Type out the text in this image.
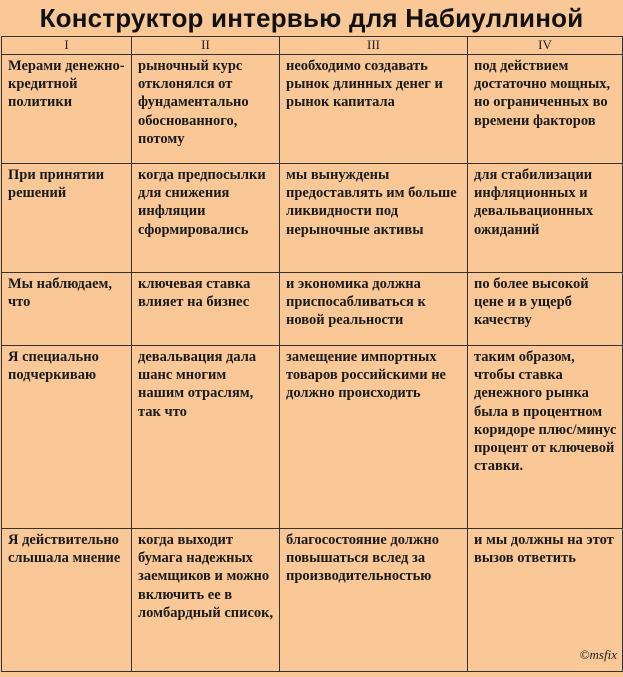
Конструктор интервью для Набиуллиной
I	II	III	IV
Мерами денежно-кредитной политики	рыночный курс отклонялся от фундаментально обоснованного, потому	необходимо создавать рынок длинных денег и рынок капитала	под действием достаточно мощных, но ограниченных во времени факторов
При принятии решений	когда предпосылки для снижения инфляции сформировались	мы вынуждены предоставлять им больше ликвидности под нерыночные активы	для стабилизации инфляционных и девальвационных ожиданий
Мы наблюдаем, что	ключевая ставка влияет на бизнес	и экономика должна приспосабливаться к новой реальности	по более высокой цене и в ущерб качеству
Я специально подчеркиваю	девальвация дала шанс многим нашим отраслям, так что	замещение импортных товаров российскими не должно происходить	таким образом, чтобы ставка денежного рынка была в процентном коридоре плюс/минус процент от ключевой ставки.
Я действительно слышала мнение	когда выходит бумага надежных заемщиков и можно включить ее в ломбардный список,	благосостояние должно повышаться вслед за производительностью	и мы должны на этот вызов ответить
©msfix
